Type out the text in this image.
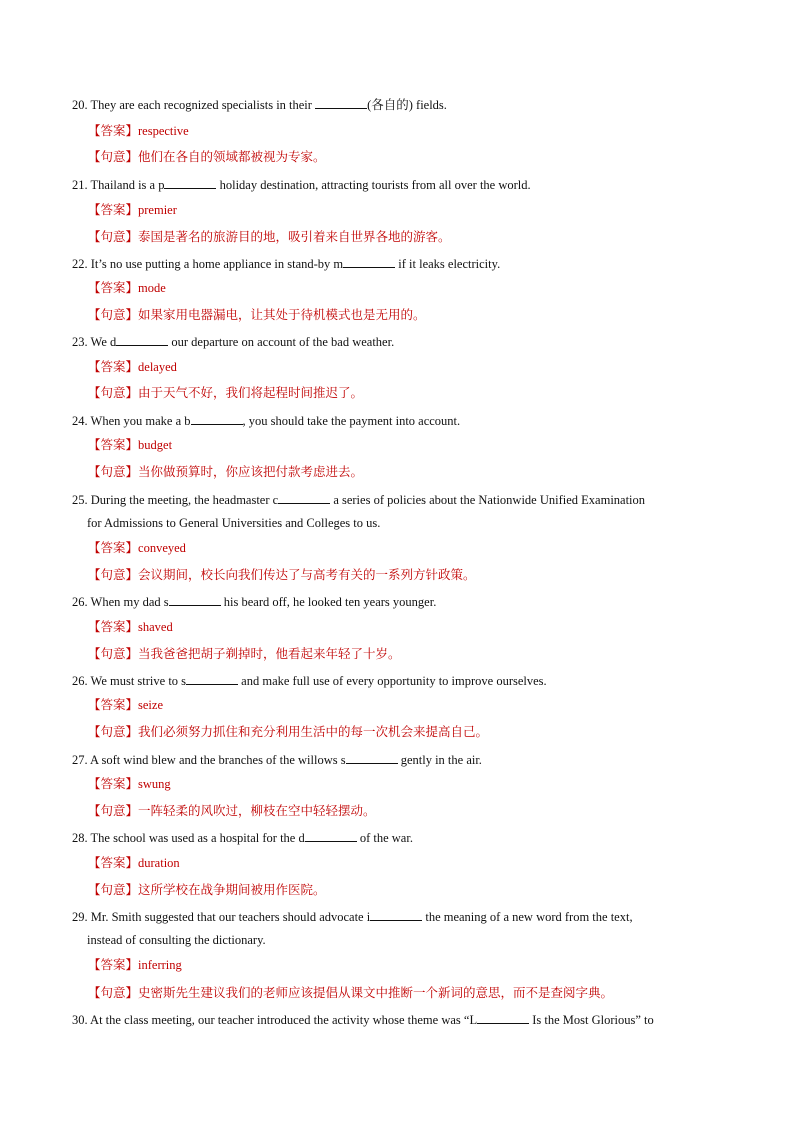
20. They are each recognized specialists in their	(各自的) fields.
【答案】respective
【句意】他们在各自的领域都被视为专家。
21. Thailand is a p	holiday destination, attracting tourists from all over the world.
【答案】premier
【句意】泰国是著名的旅游目的地，吸引着来自世界各地的游客。
22. It’s no use putting a home appliance in stand-by m	if it leaks electricity.
【答案】mode
【句意】如果家用电器漏电，让其处于待机模式也是无用的。
23. We d	our departure on account of the bad weather.
【答案】delayed
【句意】由于天气不好，我们将起程时间推迟了。
24. When you make a b	, you should take the payment into account.
【答案】budget
【句意】当你做预算时，你应该把付款考虑进去。
25. During the meeting, the headmaster c	a series of policies about the Nationwide Unified Examination
for Admissions to General Universities and Colleges to us.
【答案】conveyed
【句意】会议期间，校长向我们传达了与高考有关的一系列方针政策。
26. When my dad s	his beard off, he looked ten years younger.
【答案】shaved
【句意】当我爸爸把胡子剃掉时，他看起来年轻了十岁。
26. We must strive to s	and make full use of every opportunity to improve ourselves.
【答案】seize
【句意】我们必须努力抓住和充分利用生活中的每一次机会来提高自己。
27. A soft wind blew and the branches of the willows s	gently in the air.
【答案】swung
【句意】一阵轻柔的风吹过，柳枝在空中轻轻摆动。
28. The school was used as a hospital for the d	of the war.
【答案】duration
【句意】这所学校在战争期间被用作医院。
29. Mr. Smith suggested that our teachers should advocate i	the meaning of a new word from the text,
instead of consulting the dictionary.
【答案】inferring
【句意】史密斯先生建议我们的老师应该提倡从课文中推断一个新词的意思，而不是查阅字典。
30. At the class meeting, our teacher introduced the activity whose theme was “L	Is the Most Glorious” to
